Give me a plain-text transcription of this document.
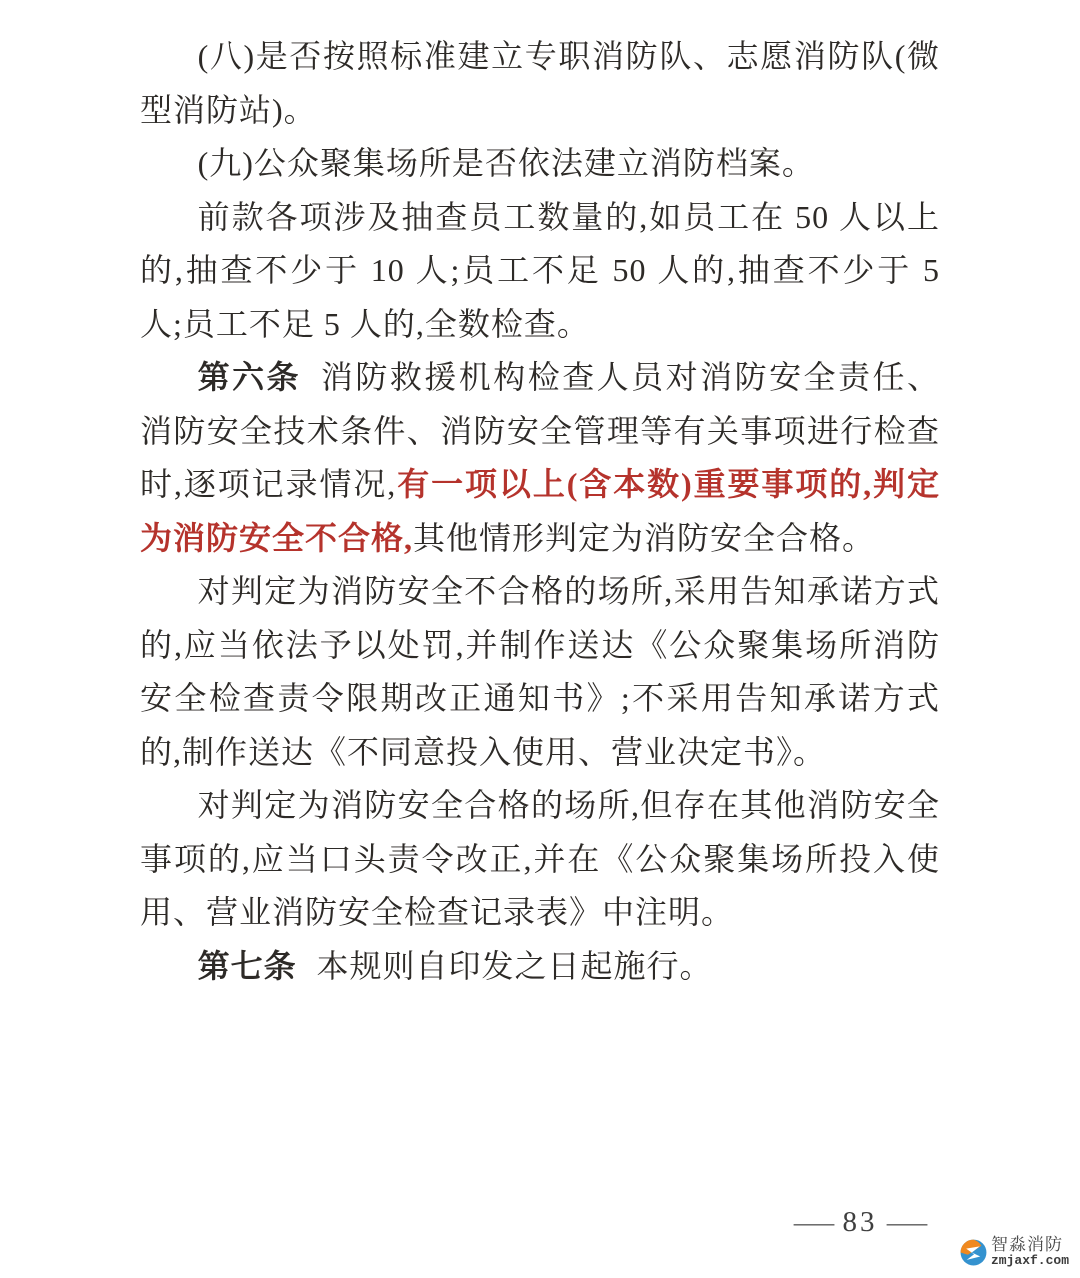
(八)是否按照标准建立专职消防队、志愿消防队(微型消防站)。

(九)公众聚集场所是否依法建立消防档案。

前款各项涉及抽查员工数量的,如员工在 50 人以上的,抽查不少于 10 人;员工不足 50 人的,抽查不少于 5 人;员工不足 5 人的,全数检查。

第六条 消防救援机构检查人员对消防安全责任、消防安全技术条件、消防安全管理等有关事项进行检查时,逐项记录情况,有一项以上(含本数)重要事项的,判定为消防安全不合格,其他情形判定为消防安全合格。

对判定为消防安全不合格的场所,采用告知承诺方式的,应当依法予以处罚,并制作送达《公众聚集场所消防安全检查责令限期改正通知书》;不采用告知承诺方式的,制作送达《不同意投入使用、营业决定书》。

对判定为消防安全合格的场所,但存在其他消防安全事项的,应当口头责令改正,并在《公众聚集场所投入使用、营业消防安全检查记录表》中注明。

第七条 本规则自印发之日起施行。

— 83 —
智淼消防
zmjaxf.com
